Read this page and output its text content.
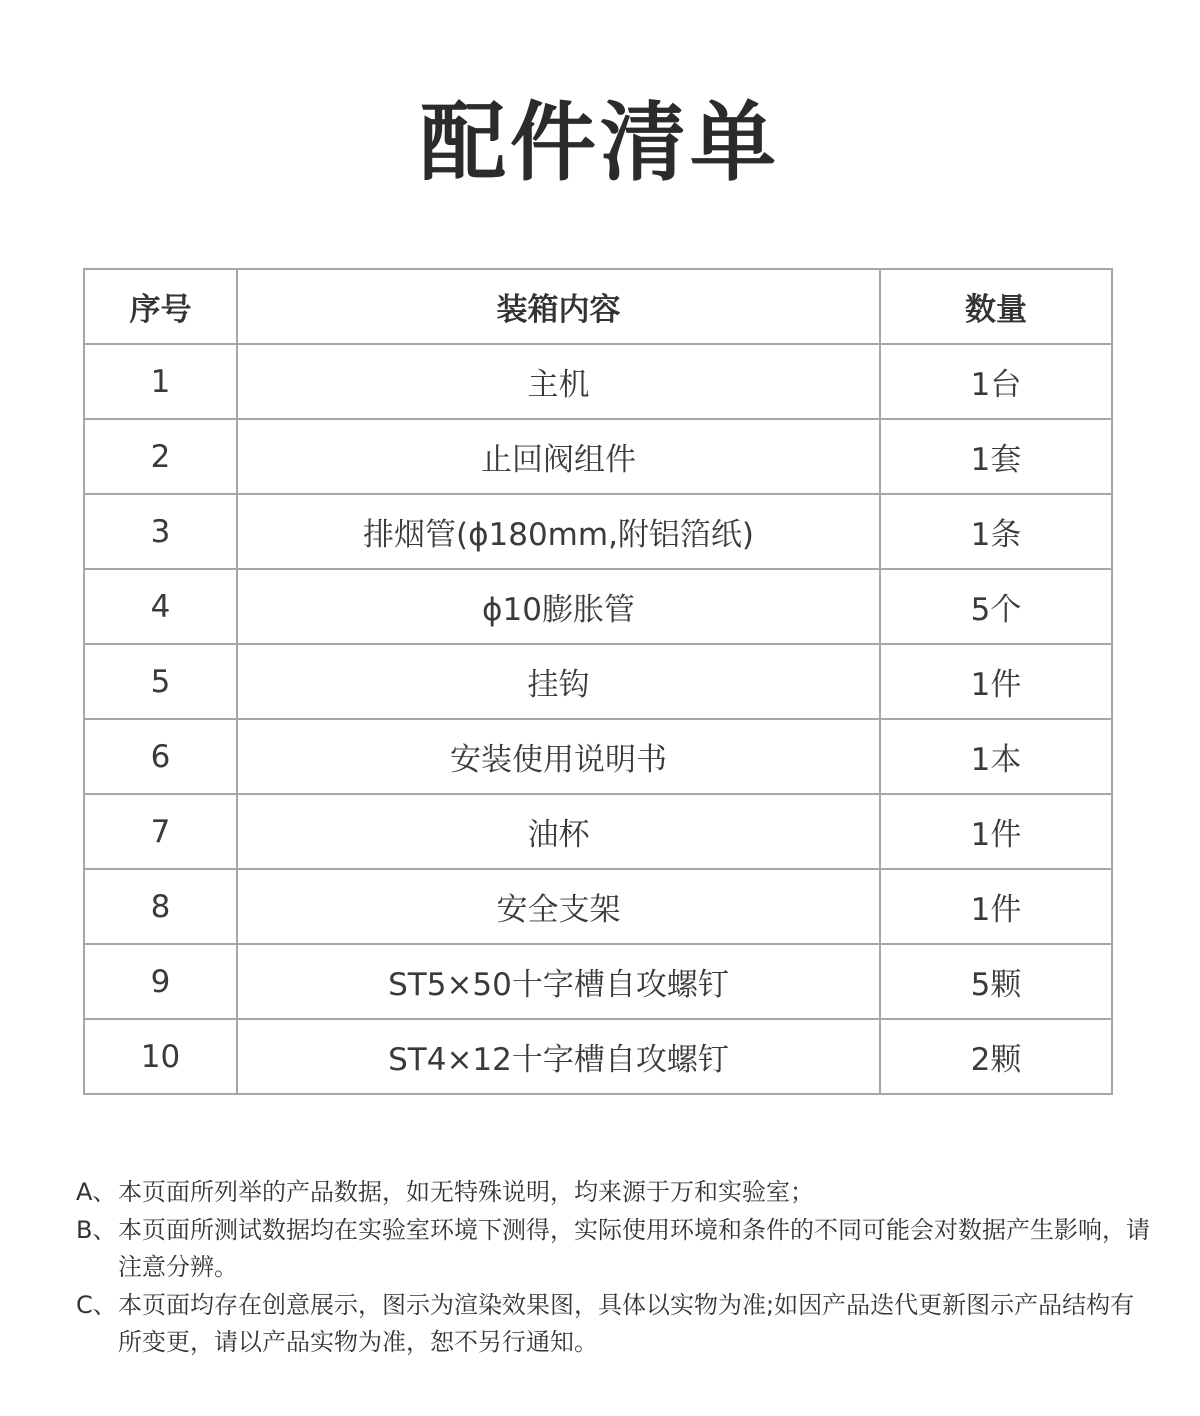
配件清单
序号	装箱内容	数量
1	主机	1台
2	止回阀组件	1套
3	排烟管(ϕ180mm,附铝箔纸)	1条
4	ϕ10膨胀管	5个
5	挂钩	1件
6	安装使用说明书	1本
7	油杯	1件
8	安全支架	1件
9	ST5×50十字槽自攻螺钉	5颗
10	ST4×12十字槽自攻螺钉	2颗

A、本页面所列举的产品数据，如无特殊说明，均来源于万和实验室；

B、本页面所测试数据均在实验室环境下测得，实际使用环境和条件的不同可能会对数据产生影响，请注意分辨。

C、本页面均存在创意展示，图示为渲染效果图，具体以实物为准;如因产品迭代更新图示产品结构有所变更，请以产品实物为准，恕不另行通知。
